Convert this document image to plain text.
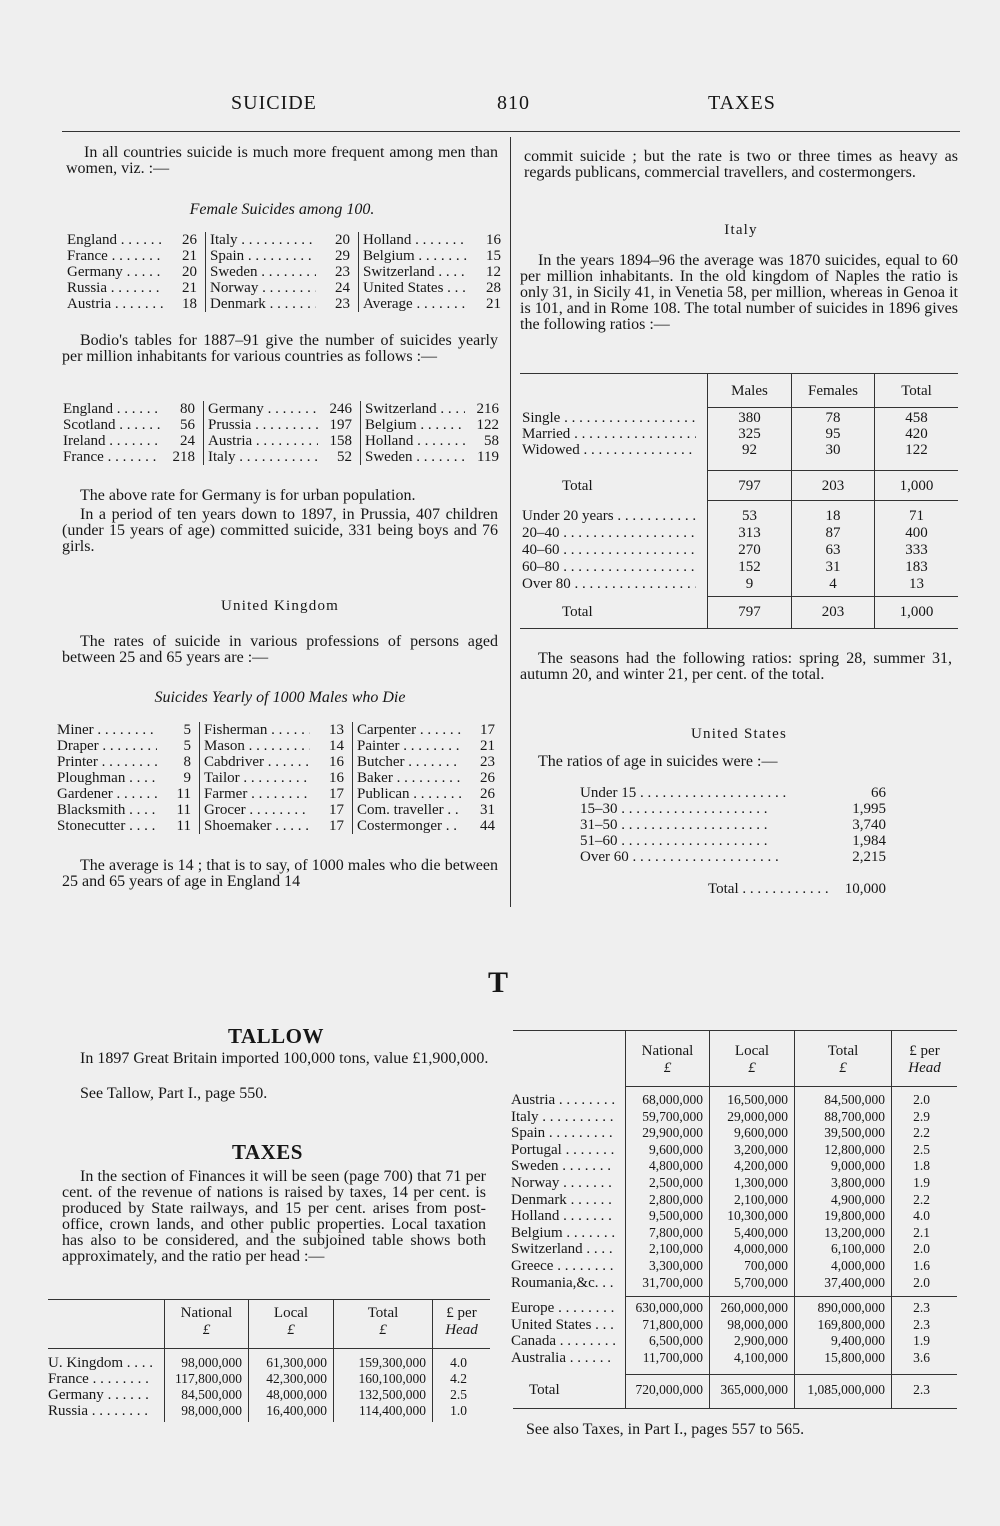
SUICIDE	810	TAXES

In all countries suicide is much more frequent among men than women, viz. :—

Female Suicides among 100.
England . . .	26 Italy . . .	20 Holland . . .	16
France . . .	21 Spain . . .	29 Belgium . . .	15
Germany . . .	20 Sweden . . .	23 Switzerland . . .	12
Russia . . .	21 Norway . . .	24 United States . . .	28
Austria . . .	18 Denmark . . .	23 Average . . .	21

Bodio's tables for 1887–91 give the number of suicides yearly per million inhabitants for various countries as follows :—

England . . .	80 Germany . . .	246 Switzerland . . .	216
Scotland . . .	56 Prussia . . .	197 Belgium . . .	122
Ireland . . .	24 Austria . . .	158 Holland . . .	58
France . . .	218 Italy . . .	52 Sweden . . .	119

The above rate for Germany is for urban population.

In a period of ten years down to 1897, in Prussia, 407 children (under 15 years of age) committed suicide, 331 being boys and 76 girls.

United Kingdom

The rates of suicide in various professions of persons aged between 25 and 65 years are :—

Suicides Yearly of 1000 Males who Die
Miner . . .	5 Fisherman . . .	13 Carpenter . . .	17
Draper . . .	5 Mason . . .	14 Painter . . .	21
Printer . . .	8 Cabdriver . . .	16 Butcher . . .	23
Ploughman . . .	9 Tailor . . .	16 Baker . . .	26
Gardener . . .	11 Farmer . . .	17 Publican . . .	26
Blacksmith . . .	11 Grocer . . .	17 Com. traveller . . .	31
Stonecutter . . .	11 Shoemaker . . .	17 Costermonger . . .	44

The average is 14 ; that is to say, of 1000 males who die between 25 and 65 years of age in England 14

commit suicide ; but the rate is two or three times as heavy as regards publicans, commercial travellers, and costermongers.

Italy

In the years 1894–96 the average was 1870 suicides, equal to 60 per million inhabitants. In the old kingdom of Naples the ratio is only 31, in Sicily 41, in Venetia 58, per million, whereas in Genoa it is 101, and in Rome 108. The total number of suicides in 1896 gives the following ratios :—

Males	Females	Total
Single . . .	380	78	458
Married . . .	325	95	420
Widowed . . .	92	30	122
Total	797	203	1,000
Under 20 years . . .	53	18	71
20–40 . . .	313	87	400
40–60 . . .	270	63	333
60–80 . . .	152	31	183
Over 80 . . .	9	4	13
Total	797	203	1,000

The seasons had the following ratios: spring 28, summer 31, autumn 20, and winter 21, per cent. of the total.

United States

The ratios of age in suicides were :—

Under 15 . . .	66
15–30 . . .	1,995
31–50 . . .	3,740
51–60 . . .	1,984
Over 60 . . .	2,215
Total . . .	10,000
T
TALLOW

In 1897 Great Britain imported 100,000 tons, value £1,900,000.

See Tallow, Part I., page 550.

TAXES

In the section of Finances it will be seen (page 700) that 71 per cent. of the revenue of nations is raised by taxes, 14 per cent. is produced by State railways, and 15 per cent. arises from post-office, crown lands, and other public properties. Local taxation has also to be considered, and the subjoined table shows both approximately, and the ratio per head :—

National
£
Local
£
Total
£
£ per
Head
U. Kingdom . . .	98,000,000	61,300,000	159,300,000	4.0
France . . .	117,800,000	42,300,000	160,100,000	4.2
Germany . . .	84,500,000	48,000,000	132,500,000	2.5
Russia . . .	98,000,000	16,400,000	114,400,000	1.0
National
£
Local
£
Total
£
£ per
Head
Austria . . .	68,000,000	16,500,000	84,500,000	2.0
Italy . . .	59,700,000	29,000,000	88,700,000	2.9
Spain . . .	29,900,000	9,600,000	39,500,000	2.2
Portugal . . .	9,600,000	3,200,000	12,800,000	2.5
Sweden . . .	4,800,000	4,200,000	9,000,000	1.8
Norway . . .	2,500,000	1,300,000	3,800,000	1.9
Denmark . . .	2,800,000	2,100,000	4,900,000	2.2
Holland . . .	9,500,000	10,300,000	19,800,000	4.0
Belgium . . .	7,800,000	5,400,000	13,200,000	2.1
Switzerland . . .	2,100,000	4,000,000	6,100,000	2.0
Greece . . .	3,300,000	700,000	4,000,000	1.6
Roumania,&c. . . .	31,700,000	5,700,000	37,400,000	2.0
Europe . . .	630,000,000	260,000,000	890,000,000	2.3
United States . . .	71,800,000	98,000,000	169,800,000	2.3
Canada . . .	6,500,000	2,900,000	9,400,000	1.9
Australia . . .	11,700,000	4,100,000	15,800,000	3.6
Total	720,000,000	365,000,000	1,085,000,000	2.3

See also Taxes, in Part I., pages 557 to 565.
